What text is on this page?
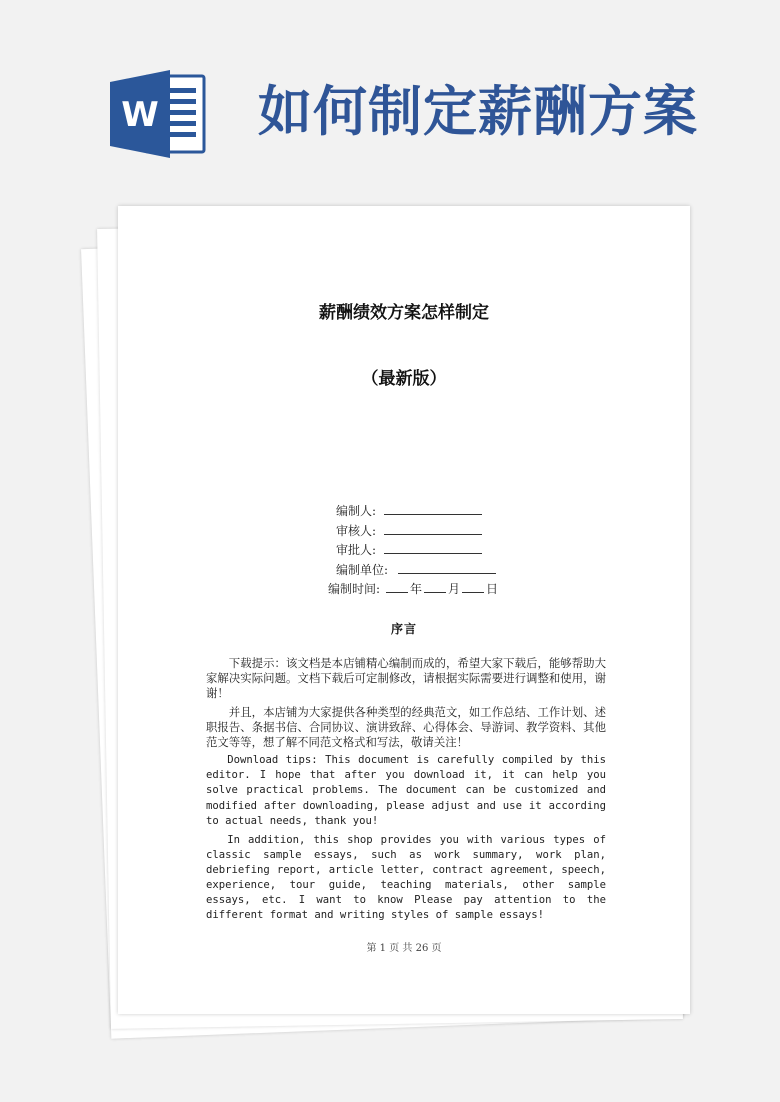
W 如何制定薪酬方案
薪酬绩效方案怎样制定
（最新版）
编制人:
审核人:
审批人:
编制单位:
编制时间:	年 月 日
序言

下载提示：该文档是本店铺精心编制而成的，希望大家下载后，能够帮助大家解决实际问题。文档下载后可定制修改，请根据实际需要进行调整和使用，谢谢！

并且，本店铺为大家提供各种类型的经典范文，如工作总结、工作计划、述职报告、条据书信、合同协议、演讲致辞、心得体会、导游词、教学资料、其他范文等等，想了解不同范文格式和写法，敬请关注！

Download tips: This document is carefully compiled by this editor. I hope that after you download it, it can help you solve practical problems. The document can be customized and modified after downloading, please adjust and use it according to actual needs, thank you!

In addition, this shop provides you with various types of classic sample essays, such as work summary, work plan, debriefing report, article letter, contract agreement, speech, experience, tour guide, teaching materials, other sample essays, etc. I want to know Please pay attention to the different format and writing styles of sample essays!

第 1 页 共 26 页
